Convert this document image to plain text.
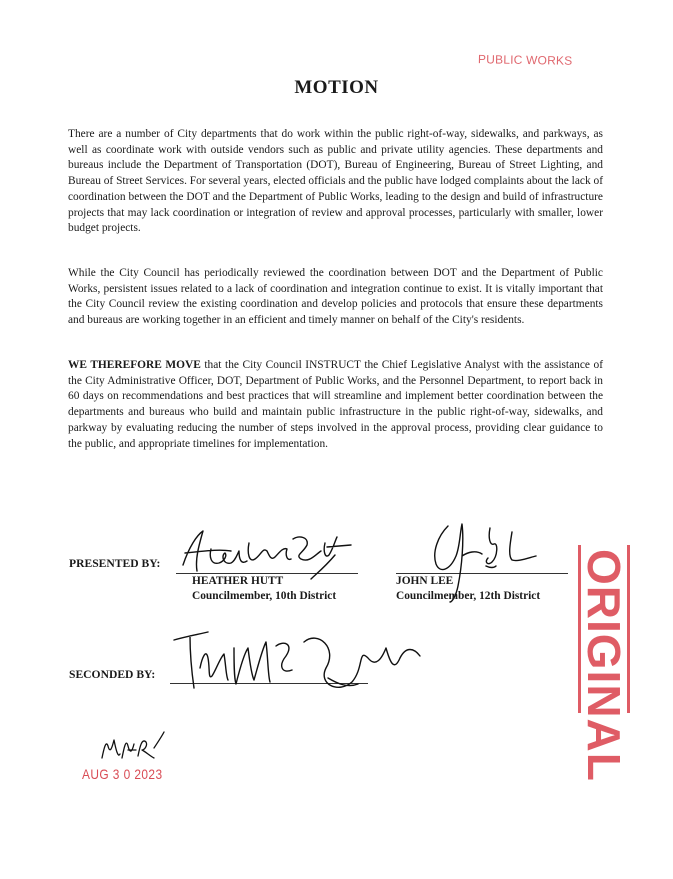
PUBLIC WORKS
MOTION

There are a number of City departments that do work within the public right-of-way, sidewalks, and parkways, as well as coordinate work with outside vendors such as public and private utility agencies. These departments and bureaus include the Department of Transportation (DOT), Bureau of Engineering, Bureau of Street Lighting, and Bureau of Street Services. For several years, elected officials and the public have lodged complaints about the lack of coordination between the DOT and the Department of Public Works, leading to the design and build of infrastructure projects that may lack coordination or integration of review and approval processes, particularly with smaller, lower budget projects.

While the City Council has periodically reviewed the coordination between DOT and the Department of Public Works, persistent issues related to a lack of coordination and integration continue to exist. It is vitally important that the City Council review the existing coordination and develop policies and protocols that ensure these departments and bureaus are working together in an efficient and timely manner on behalf of the City's residents.

WE THEREFORE MOVE that the City Council INSTRUCT the Chief Legislative Analyst with the assistance of the City Administrative Officer, DOT, Department of Public Works, and the Personnel Department, to report back in 60 days on recommendations and best practices that will streamline and implement better coordination between the departments and bureaus who build and maintain public infrastructure in the public right-of-way, sidewalks, and parkway by evaluating reducing the number of steps involved in the approval process, providing clear guidance to the public, and appropriate timelines for implementation.

PRESENTED BY:
HEATHER HUTT
Councilmember, 10th District
JOHN LEE
Councilmember, 12th District
SECONDED BY:	ORIGINAL
AUG 3 0 2023
